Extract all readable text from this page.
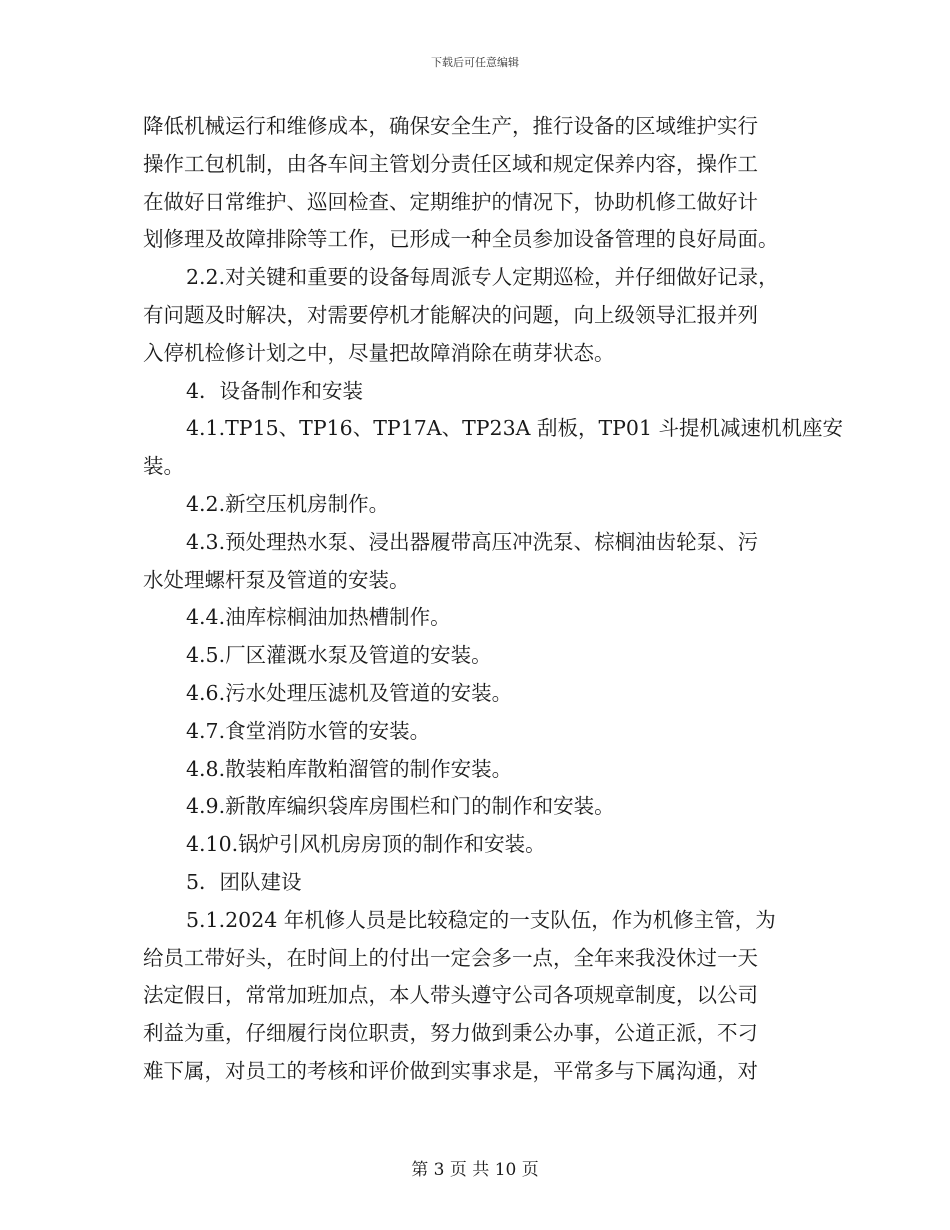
下载后可任意编辑

降低机械运行和维修成本，确保安全生产，推行设备的区域维护实行

操作工包机制，由各车间主管划分责任区域和规定保养内容，操作工

在做好日常维护、巡回检查、定期维护的情况下，协助机修工做好计

划修理及故障排除等工作，已形成一种全员参加设备管理的良好局面。

2.2.对关键和重要的设备每周派专人定期巡检，并仔细做好记录，

有问题及时解决，对需要停机才能解决的问题，向上级领导汇报并列

入停机检修计划之中，尽量把故障消除在萌芽状态。

4．设备制作和安装

4.1.TP15、TP16、TP17A、TP23A 刮板，TP01 斗提机减速机机座安

装。

4.2.新空压机房制作。

4.3.预处理热水泵、浸出器履带高压冲洗泵、棕榈油齿轮泵、污

水处理螺杆泵及管道的安装。

4.4.油库棕榈油加热槽制作。

4.5.厂区灌溉水泵及管道的安装。

4.6.污水处理压滤机及管道的安装。

4.7.食堂消防水管的安装。

4.8.散装粕库散粕溜管的制作安装。

4.9.新散库编织袋库房围栏和门的制作和安装。

4.10.锅炉引风机房房顶的制作和安装。

5．团队建设

5.1.2024 年机修人员是比较稳定的一支队伍，作为机修主管，为

给员工带好头，在时间上的付出一定会多一点，全年来我没休过一天

法定假日，常常加班加点，本人带头遵守公司各项规章制度，以公司

利益为重，仔细履行岗位职责，努力做到秉公办事，公道正派，不刁

难下属，对员工的考核和评价做到实事求是，平常多与下属沟通，对

第 3 页 共 10 页
